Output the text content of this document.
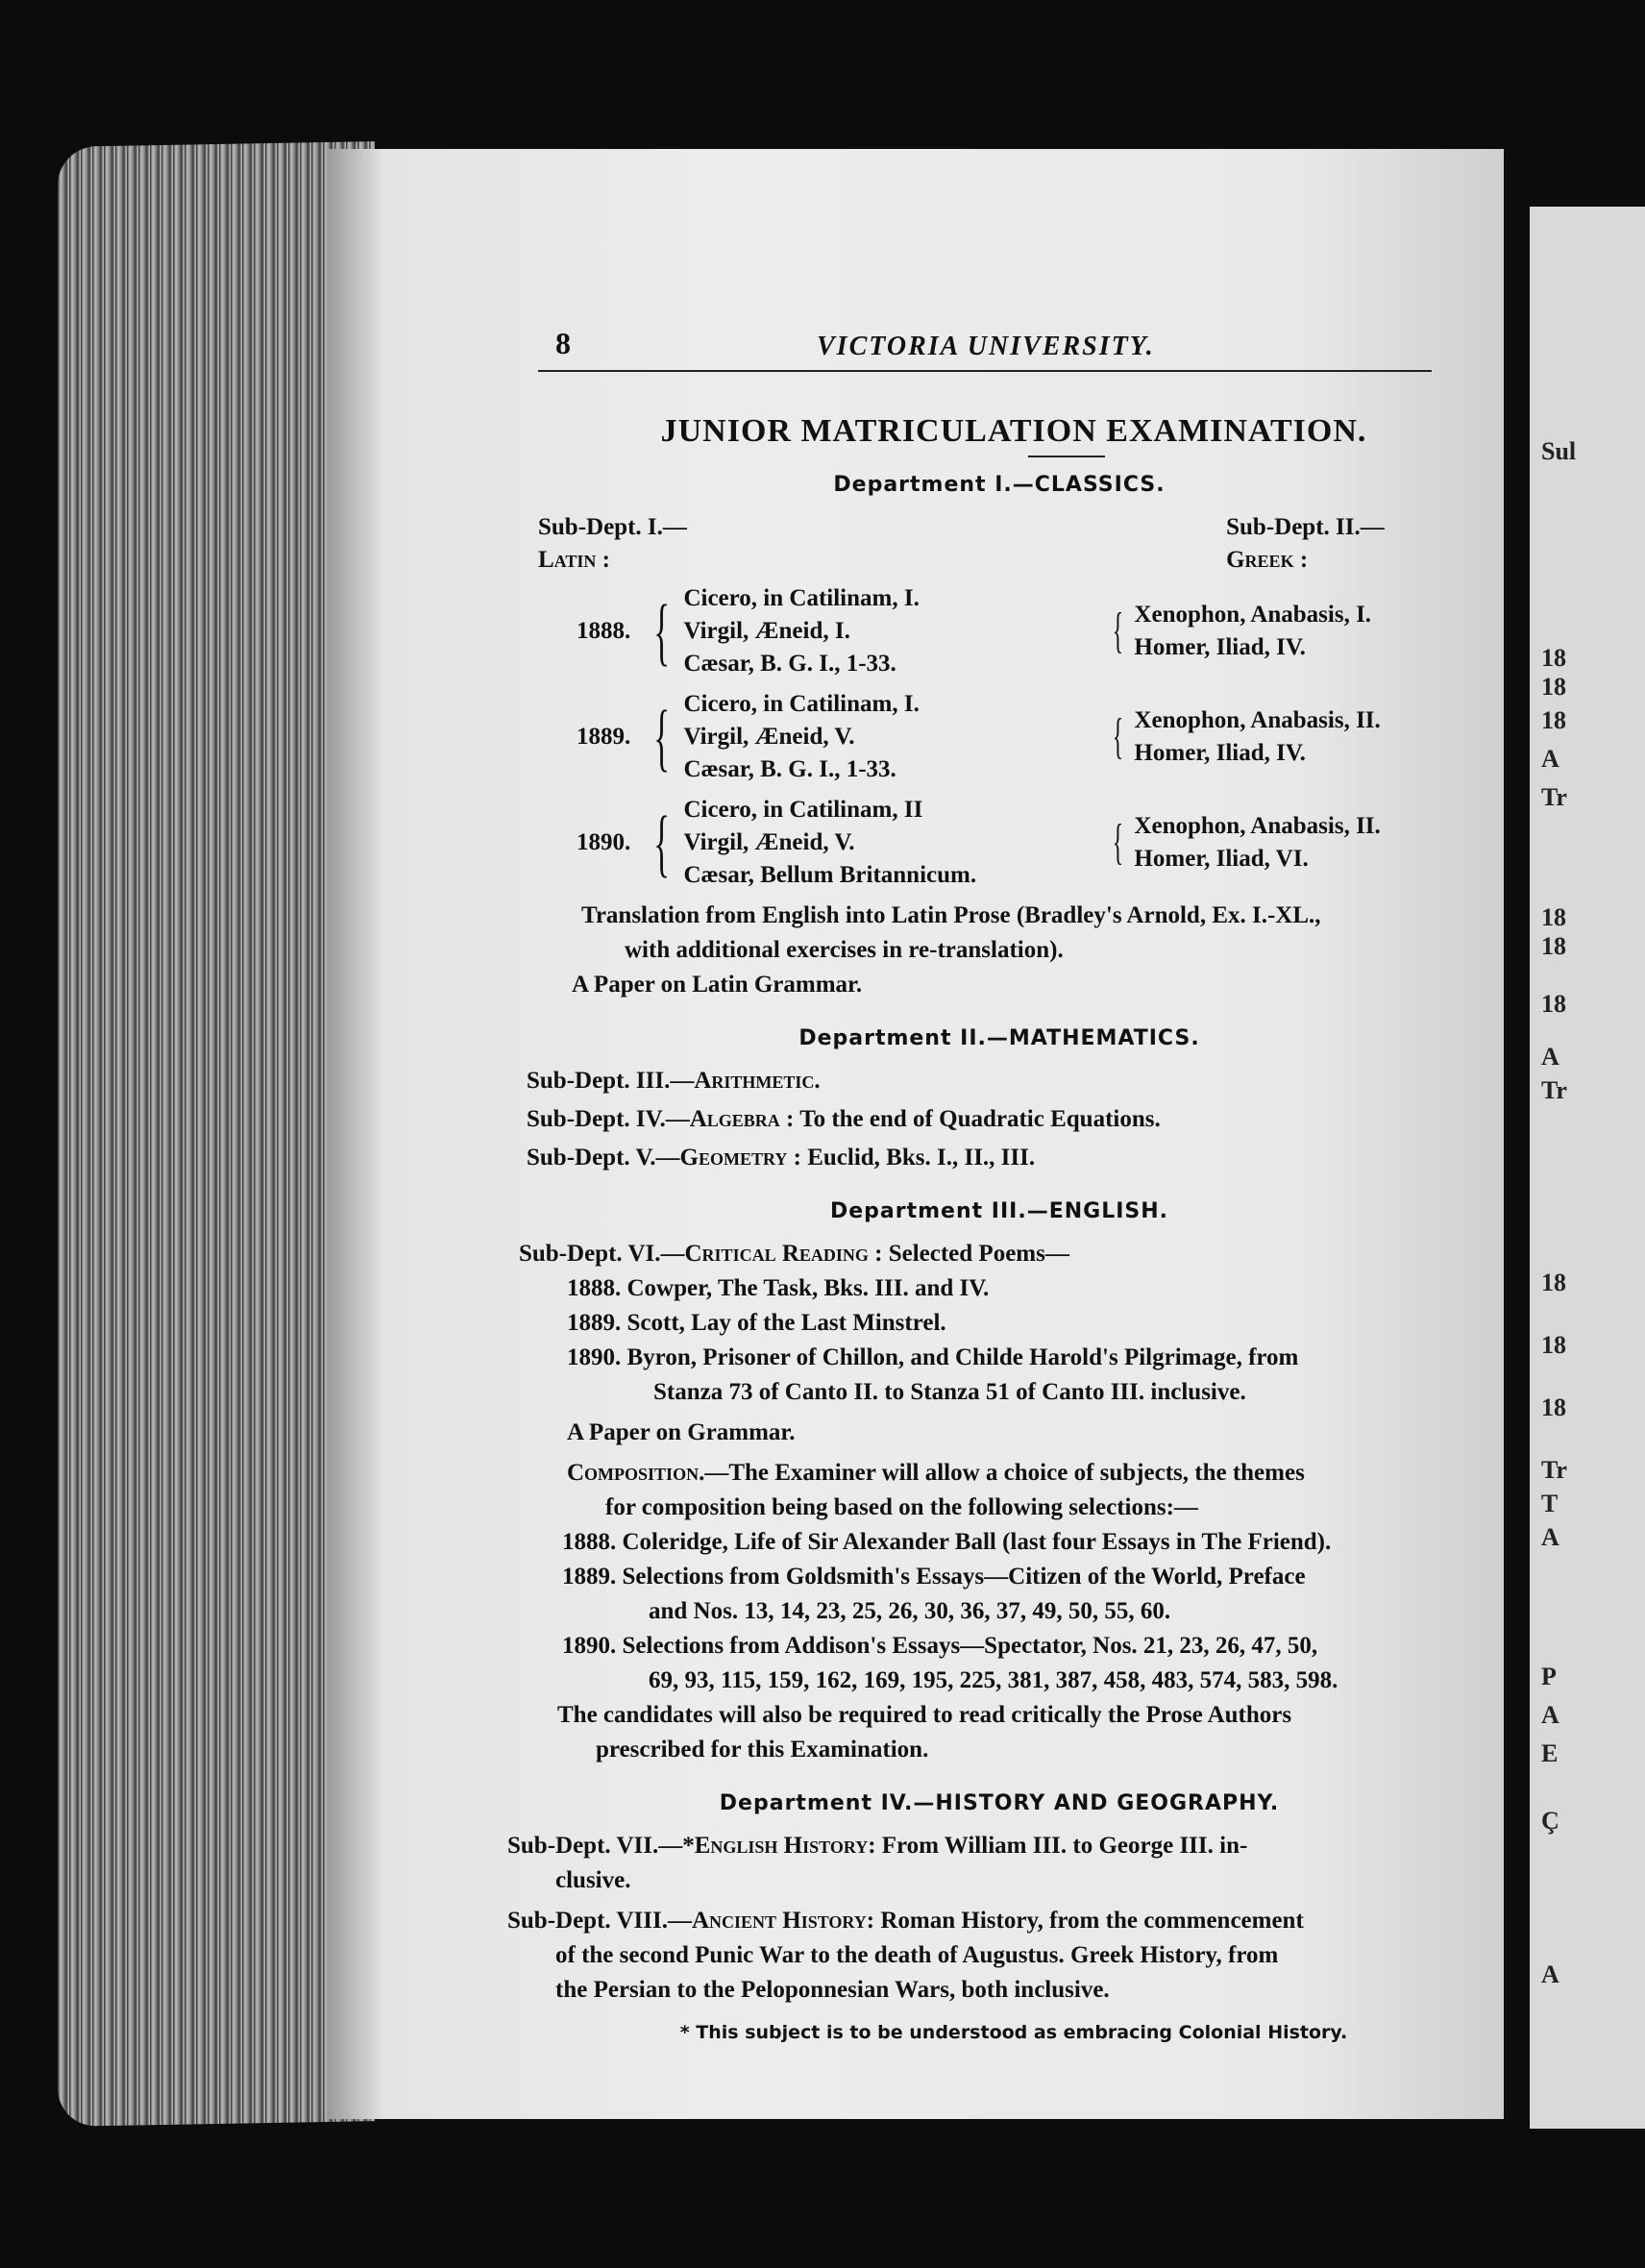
Sul
18
18
18
A
Tr
18
18
18
A
Tr
18
18
18
Tr
T
A
P
A
E
Ç
A
8	VICTORIA UNIVERSITY.
JUNIOR MATRICULATION EXAMINATION.
Department I.—CLASSICS.
Sub-Dept. I.—Latin :
Sub-Dept. II.—Greek :
1888. { Cicero, in Catilinam, I.
Virgil, Æneid, I.
Cæsar, B. G. I., 1-33.
{ Xenophon, Anabasis, I.
Homer, Iliad, IV.
1889. { Cicero, in Catilinam, I.
Virgil, Æneid, V.
Cæsar, B. G. I., 1-33.
{ Xenophon, Anabasis, II.
Homer, Iliad, IV.
1890. { Cicero, in Catilinam, II
Virgil, Æneid, V.
Cæsar, Bellum Britannicum.
{ Xenophon, Anabasis, II.
Homer, Iliad, VI.
Translation from English into Latin Prose (Bradley's Arnold, Ex. I.-XL.,
with additional exercises in re-translation).
A Paper on Latin Grammar.
Department II.—MATHEMATICS.
Sub-Dept. III.—Arithmetic.
Sub-Dept. IV.—Algebra : To the end of Quadratic Equations.
Sub-Dept. V.—Geometry : Euclid, Bks. I., II., III.
Department III.—ENGLISH.
Sub-Dept. VI.—Critical Reading : Selected Poems—
1888. Cowper, The Task, Bks. III. and IV.
1889. Scott, Lay of the Last Minstrel.
1890. Byron, Prisoner of Chillon, and Childe Harold's Pilgrimage, from
Stanza 73 of Canto II. to Stanza 51 of Canto III. inclusive.
A Paper on Grammar.
Composition.—The Examiner will allow a choice of subjects, the themes
for composition being based on the following selections:—
1888. Coleridge, Life of Sir Alexander Ball (last four Essays in The Friend).
1889. Selections from Goldsmith's Essays—Citizen of the World, Preface
and Nos. 13, 14, 23, 25, 26, 30, 36, 37, 49, 50, 55, 60.
1890. Selections from Addison's Essays—Spectator, Nos. 21, 23, 26, 47, 50,
69, 93, 115, 159, 162, 169, 195, 225, 381, 387, 458, 483, 574, 583, 598.
The candidates will also be required to read critically the Prose Authors
prescribed for this Examination.
Department IV.—HISTORY AND GEOGRAPHY.
Sub-Dept. VII.—*English History: From William III. to George III. in-
clusive.
Sub-Dept. VIII.—Ancient History: Roman History, from the commencement
of the second Punic War to the death of Augustus. Greek History, from
the Persian to the Peloponnesian Wars, both inclusive.
* This subject is to be understood as embracing Colonial History.
